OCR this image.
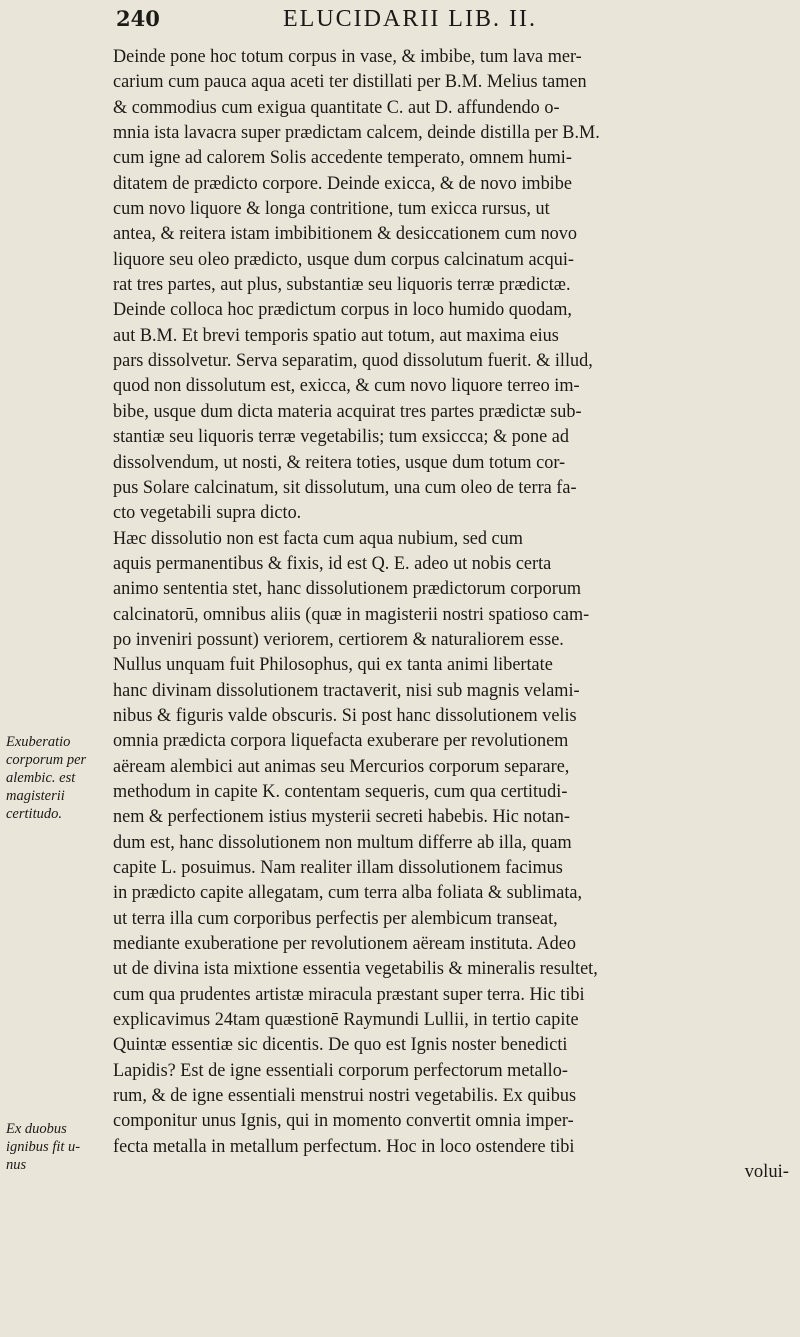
240	ELUCIDARII LIB. II.
Deinde pone hoc totum corpus in vase, & imbibe, tum lava mer-
carium cum pauca aqua aceti ter distillati per B.M. Melius tamen
& commodius cum exigua quantitate C. aut D. affundendo o-
mnia ista lavacra super prædictam calcem, deinde distilla per B.M.
cum igne ad calorem Solis accedente temperato, omnem humi-
ditatem de prædicto corpore. Deinde exicca, & de novo imbibe
cum novo liquore & longa contritione, tum exicca rursus, ut
antea, & reitera istam imbibitionem & desiccationem cum novo
liquore seu oleo prædicto, usque dum corpus calcinatum acqui-
rat tres partes, aut plus, substantiæ seu liquoris terræ prædictæ.
Deinde colloca hoc prædictum corpus in loco humido quodam,
aut B.M. Et brevi temporis spatio aut totum, aut maxima eius
pars dissolvetur. Serva separatim, quod dissolutum fuerit. & illud,
quod non dissolutum est, exicca, & cum novo liquore terreo im-
bibe, usque dum dicta materia acquirat tres partes prædictæ sub-
stantiæ seu liquoris terræ vegetabilis; tum exsiccca; & pone ad
dissolvendum, ut nosti, & reitera toties, usque dum totum cor-
pus Solare calcinatum, sit dissolutum, una cum oleo de terra fa-
cto vegetabili supra dicto.
Hæc dissolutio non est facta cum aqua nubium, sed cum
aquis permanentibus & fixis, id est Q. E. adeo ut nobis certa
animo sententia stet, hanc dissolutionem prædictorum corporum
calcinatorū, omnibus aliis (quæ in magisterii nostri spatioso cam-
po inveniri possunt) veriorem, certiorem & naturaliorem esse.
Nullus unquam fuit Philosophus, qui ex tanta animi libertate
hanc divinam dissolutionem tractaverit, nisi sub magnis velami-
nibus & figuris valde obscuris. Si post hanc dissolutionem velis
omnia prædicta corpora liquefacta exuberare per revolutionem
aëream alembici aut animas seu Mercurios corporum separare,
methodum in capite K. contentam sequeris, cum qua certitudi-
nem & perfectionem istius mysterii secreti habebis. Hic notan-
dum est, hanc dissolutionem non multum differre ab illa, quam
capite L. posuimus. Nam realiter illam dissolutionem facimus
in prædicto capite allegatam, cum terra alba foliata & sublimata,
ut terra illa cum corporibus perfectis per alembicum transeat,
mediante exuberatione per revolutionem aëream instituta. Adeo
ut de divina ista mixtione essentia vegetabilis & mineralis resultet,
cum qua prudentes artistæ miracula præstant super terra. Hic tibi
explicavimus 24tam quæstionē Raymundi Lullii, in tertio capite
Quintæ essentiæ sic dicentis. De quo est Ignis noster benedicti
Lapidis? Est de igne essentiali corporum perfectorum metallo-
rum, & de igne essentiali menstrui nostri vegetabilis. Ex quibus
componitur unus Ignis, qui in momento convertit omnia imper-
fecta metalla in metallum perfectum. Hoc in loco ostendere tibi
volui-
Exuberatio
corporum per
alembic. est
magisterii
certitudo.
Ex duobus
ignibus fit u-
nus
